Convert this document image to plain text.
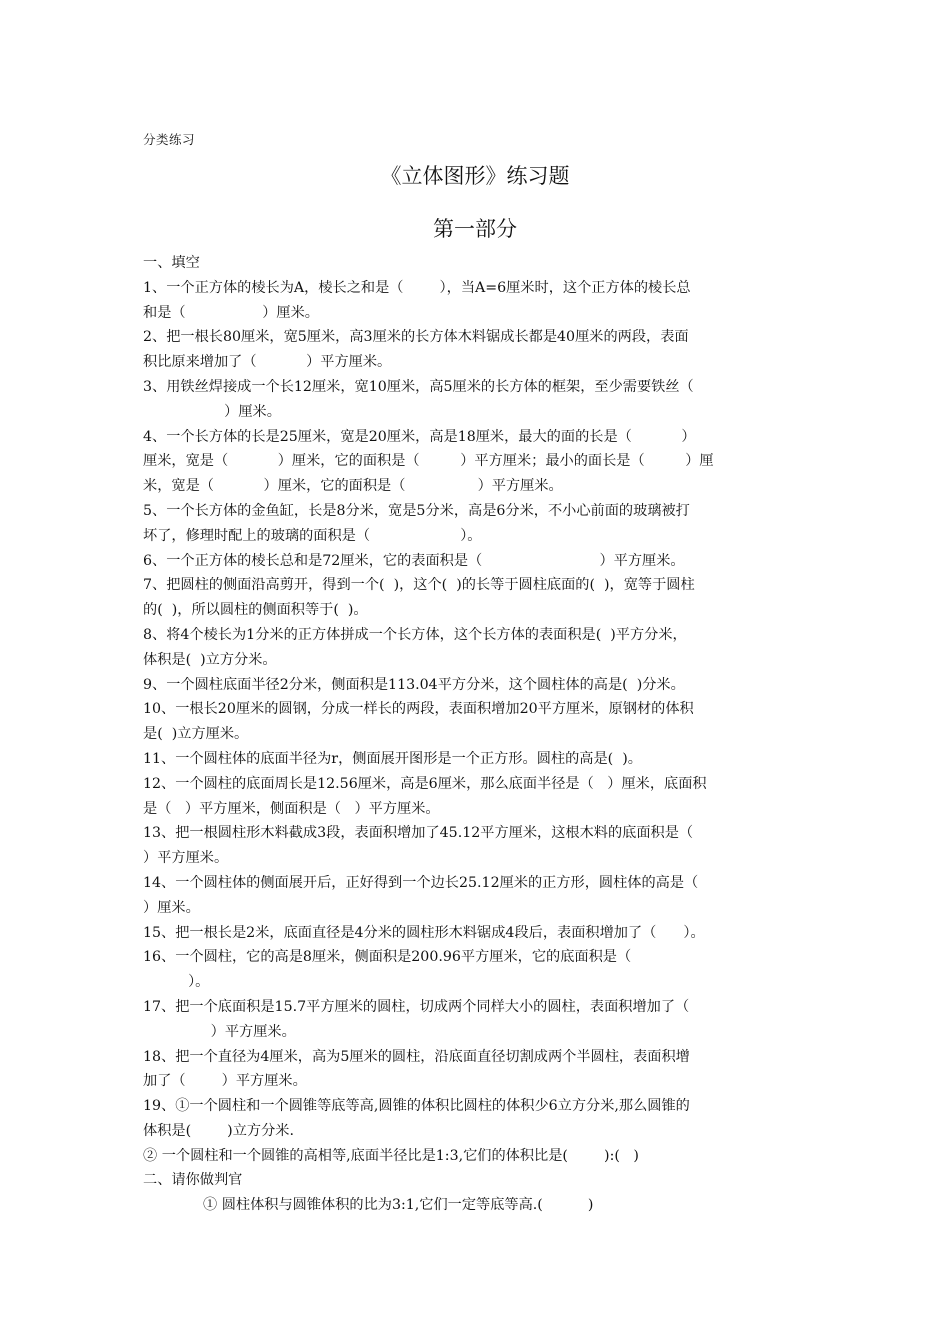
分类练习
《立体图形》练习题
第一部分
一、填空
1、一个正方体的棱长为A，棱长之和是（        ），当A=6厘米时，这个正方体的棱长总
和是（                 ）厘米。
2、把一根长80厘米，宽5厘米，高3厘米的长方体木料锯成长都是40厘米的两段，表面
积比原来增加了（           ）平方厘米。
3、用铁丝焊接成一个长12厘米，宽10厘米，高5厘米的长方体的框架，至少需要铁丝（
）厘米。
4、一个长方体的长是25厘米，宽是20厘米，高是18厘米，最大的面的长是（           ）
厘米，宽是（           ）厘米，它的面积是（         ）平方厘米；最小的面长是（         ）厘
米，宽是（           ）厘米，它的面积是（                ）平方厘米。
5、一个长方体的金鱼缸，长是8分米，宽是5分米，高是6分米，不小心前面的玻璃被打
坏了，修理时配上的玻璃的面积是（                    ）。
6、一个正方体的棱长总和是72厘米，它的表面积是（                          ）平方厘米。
7、把圆柱的侧面沿高剪开，得到一个(  )，这个(  )的长等于圆柱底面的(  )，宽等于圆柱
的(  )，所以圆柱的侧面积等于(  )。
8、将4个棱长为1分米的正方体拼成一个长方体，这个长方体的表面积是(  )平方分米，
体积是(  )立方分米。
9、一个圆柱底面半径2分米，侧面积是113.04平方分米，这个圆柱体的高是(  )分米。
10、一根长20厘米的圆钢，分成一样长的两段，表面积增加20平方厘米，原钢材的体积
是(  )立方厘米。
11、一个圆柱体的底面半径为r，侧面展开图形是一个正方形。圆柱的高是(  )。
12、一个圆柱的底面周长是12.56厘米，高是6厘米，那么底面半径是（   ）厘米，底面积
是（   ）平方厘米，侧面积是（   ）平方厘米。
13、把一根圆柱形木料截成3段，表面积增加了45.12平方厘米，这根木料的底面积是（
）平方厘米。
14、一个圆柱体的侧面展开后，正好得到一个边长25.12厘米的正方形，圆柱体的高是（
）厘米。
15、把一根长是2米，底面直径是4分米的圆柱形木料锯成4段后，表面积增加了（      ）。
16、一个圆柱，它的高是8厘米，侧面积是200.96平方厘米，它的底面积是（
）。
17、把一个底面积是15.7平方厘米的圆柱，切成两个同样大小的圆柱，表面积增加了（
）平方厘米。
18、把一个直径为4厘米，高为5厘米的圆柱，沿底面直径切割成两个半圆柱，表面积增
加了（        ）平方厘米。
19、①一个圆柱和一个圆锥等底等高,圆锥的体积比圆柱的体积少6立方分米,那么圆锥的
体积是(        )立方分米.
② 一个圆柱和一个圆锥的高相等,底面半径比是1:3,它们的体积比是(        ):(   )
二、请你做判官
① 圆柱体积与圆锥体积的比为3:1,它们一定等底等高.(          )
